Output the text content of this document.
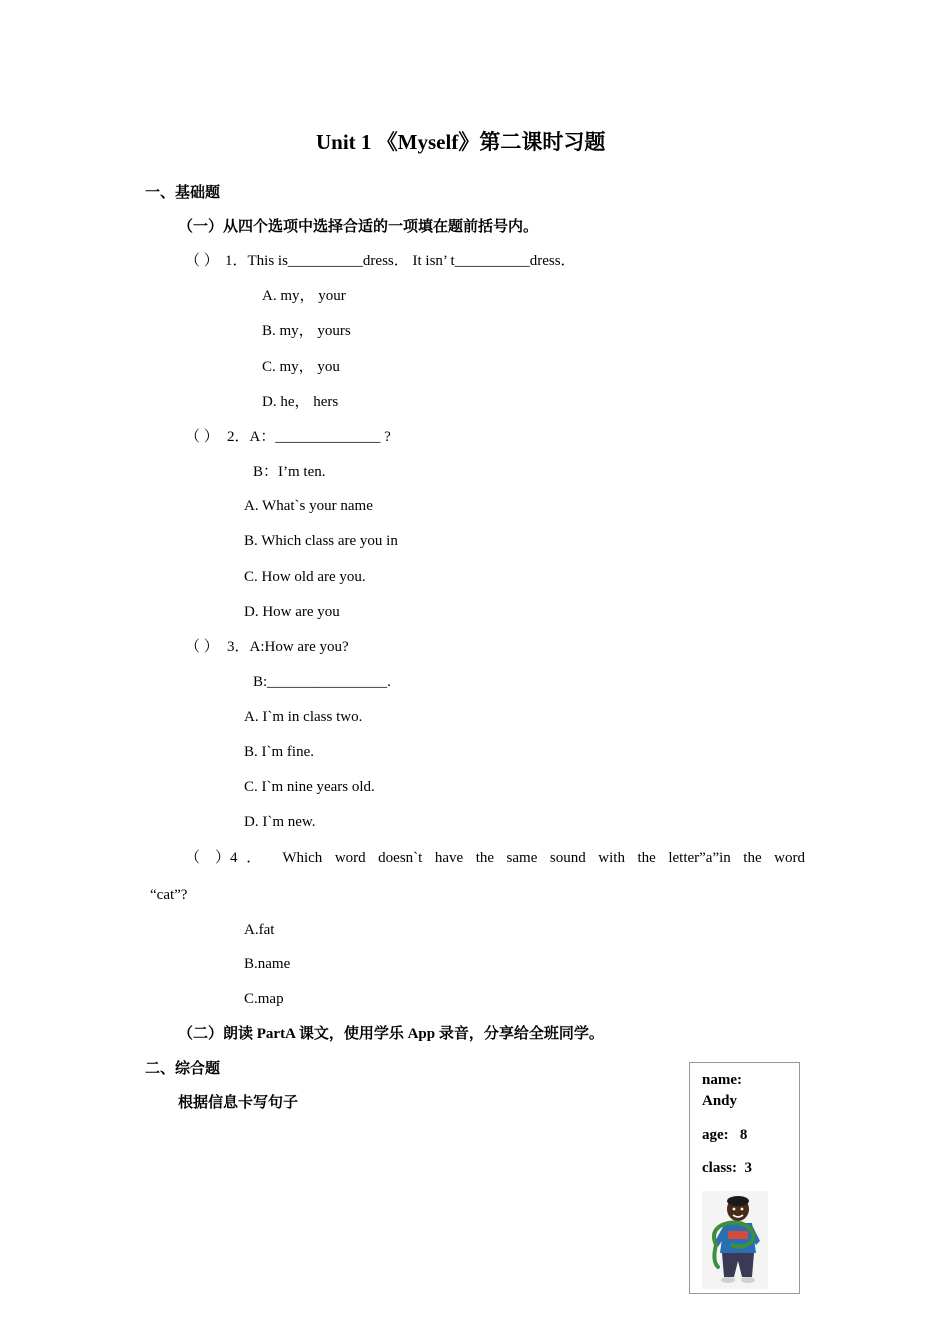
Unit 1 《Myself》第二课时习题
一、基础题
（一）从四个选项中选择合适的一项填在题前括号内。
（ ） 1．This is__________dress． It isn’ t__________dress．
A. my， your
B. my， yours
C. my， you
D. he， hers
（ ） 2．A：______________ ?
B：I’m ten.
A. What`s your name
B. Which class are you in
C. How old are you.
D. How are you
（ ） 3．A:How are you?
B:________________.
A. I`m in class two.
B. I`m fine.
C. I`m nine years old.
D. I`m new.
（ ）4． Which word doesn`t have the same sound with the letter”a”in the word
“cat”?
A.fat
B.name
C.map
（二）朗读 PartA 课文，使用学乐 App 录音，分享给全班同学。
二、综合题
根据信息卡写句子
name:
Andy
age: 8
class: 3
